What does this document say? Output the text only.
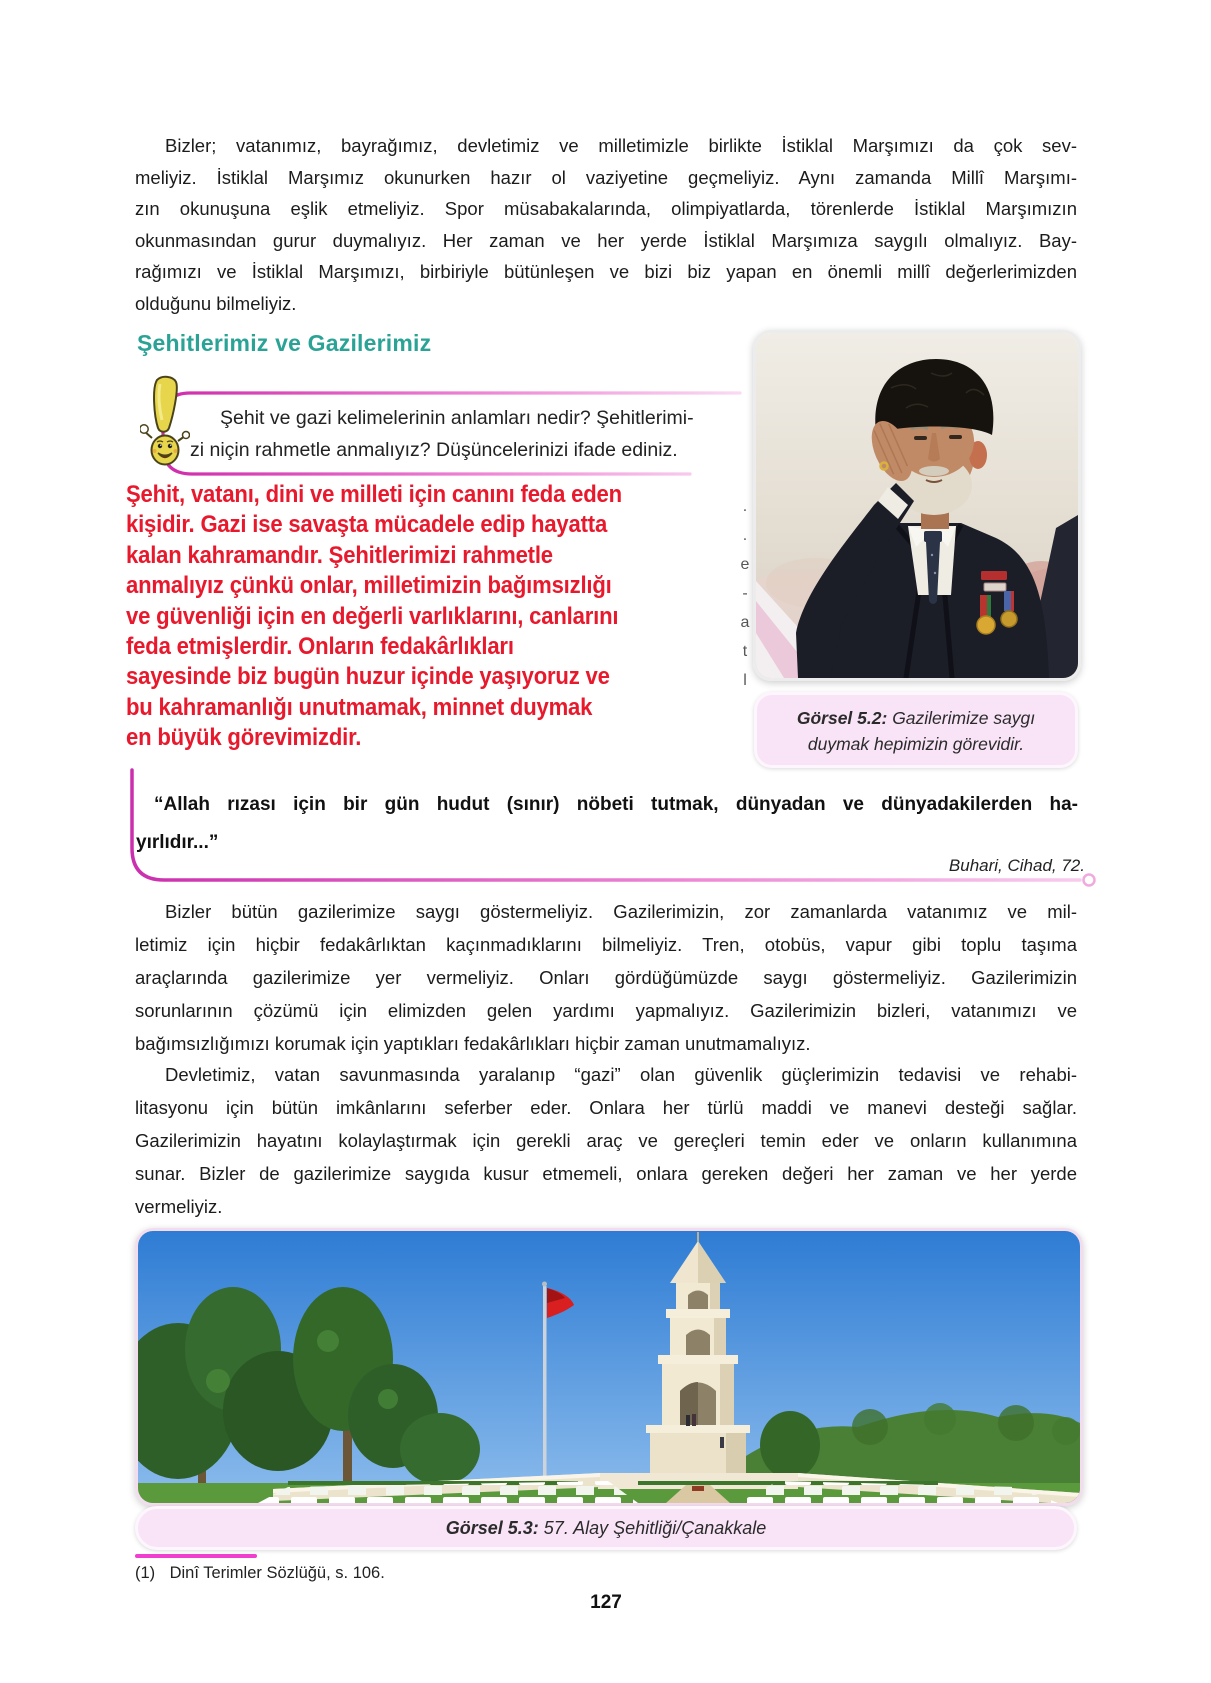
Bizler; vatanımız, bayrağımız, devletimiz ve milletimizle birlikte İstiklal Marşımızı da çok sev-
meliyiz. İstiklal Marşımız okunurken hazır ol vaziyetine geçmeliyiz. Aynı zamanda Millî Marşımı-
zın okunuşuna eşlik etmeliyiz. Spor müsabakalarında, olimpiyatlarda, törenlerde İstiklal Marşımızın
okunmasından gurur duymalıyız. Her zaman ve her yerde İstiklal Marşımıza saygılı olmalıyız. Bay-
rağımızı ve İstiklal Marşımızı, birbiriyle bütünleşen ve bizi biz yapan en önemli millî değerlerimizden
olduğunu bilmeliyiz.
Şehitlerimiz ve Gazilerimiz
Şehit ve gazi kelimelerinin anlamları nedir? Şehitlerimi-
zi niçin rahmetle anmalıyız? Düşüncelerinizi ifade ediniz.
Şehit, vatanı, dini ve milleti için canını feda eden
kişidir. Gazi ise savaşta mücadele edip hayatta
kalan kahramandır. Şehitlerimizi rahmetle
anmalıyız çünkü onlar, milletimizin bağımsızlığı
ve güvenliği için en değerli varlıklarını, canlarını
feda etmişlerdir. Onların fedakârlıkları
sayesinde biz bugün huzur içinde yaşıyoruz ve
bu kahramanlığı unutmamak, minnet duymak
en büyük görevimizdir.
.
.
e
-
a
t
l
Görsel 5.2: Gazilerimize saygı
duymak hepimizin görevidir.
“Allah rızası için bir gün hudut (sınır) nöbeti tutmak, dünyadan ve dünyadakilerden ha-
yırlıdır...”
Buhari, Cihad, 72.
Bizler bütün gazilerimize saygı göstermeliyiz. Gazilerimizin, zor zamanlarda vatanımız ve mil-
letimiz için hiçbir fedakârlıktan kaçınmadıklarını bilmeliyiz. Tren, otobüs, vapur gibi toplu taşıma
araçlarında gazilerimize yer vermeliyiz. Onları gördüğümüzde saygı göstermeliyiz. Gazilerimizin
sorunlarının çözümü için elimizden gelen yardımı yapmalıyız. Gazilerimizin bizleri, vatanımızı ve
bağımsızlığımızı korumak için yaptıkları fedakârlıkları hiçbir zaman unutmamalıyız.
Devletimiz, vatan savunmasında yaralanıp “gazi” olan güvenlik güçlerimizin tedavisi ve rehabi-
litasyonu için bütün imkânlarını seferber eder. Onlara her türlü maddi ve manevi desteği sağlar.
Gazilerimizin hayatını kolaylaştırmak için gerekli araç ve gereçleri temin eder ve onların kullanımına
sunar. Bizler de gazilerimize saygıda kusur etmemeli, onlara gereken değeri her zaman ve her yerde
vermeliyiz.
Görsel 5.3: 57. Alay Şehitliği/Çanakkale
(1) Dinî Terimler Sözlüğü, s. 106.
127
